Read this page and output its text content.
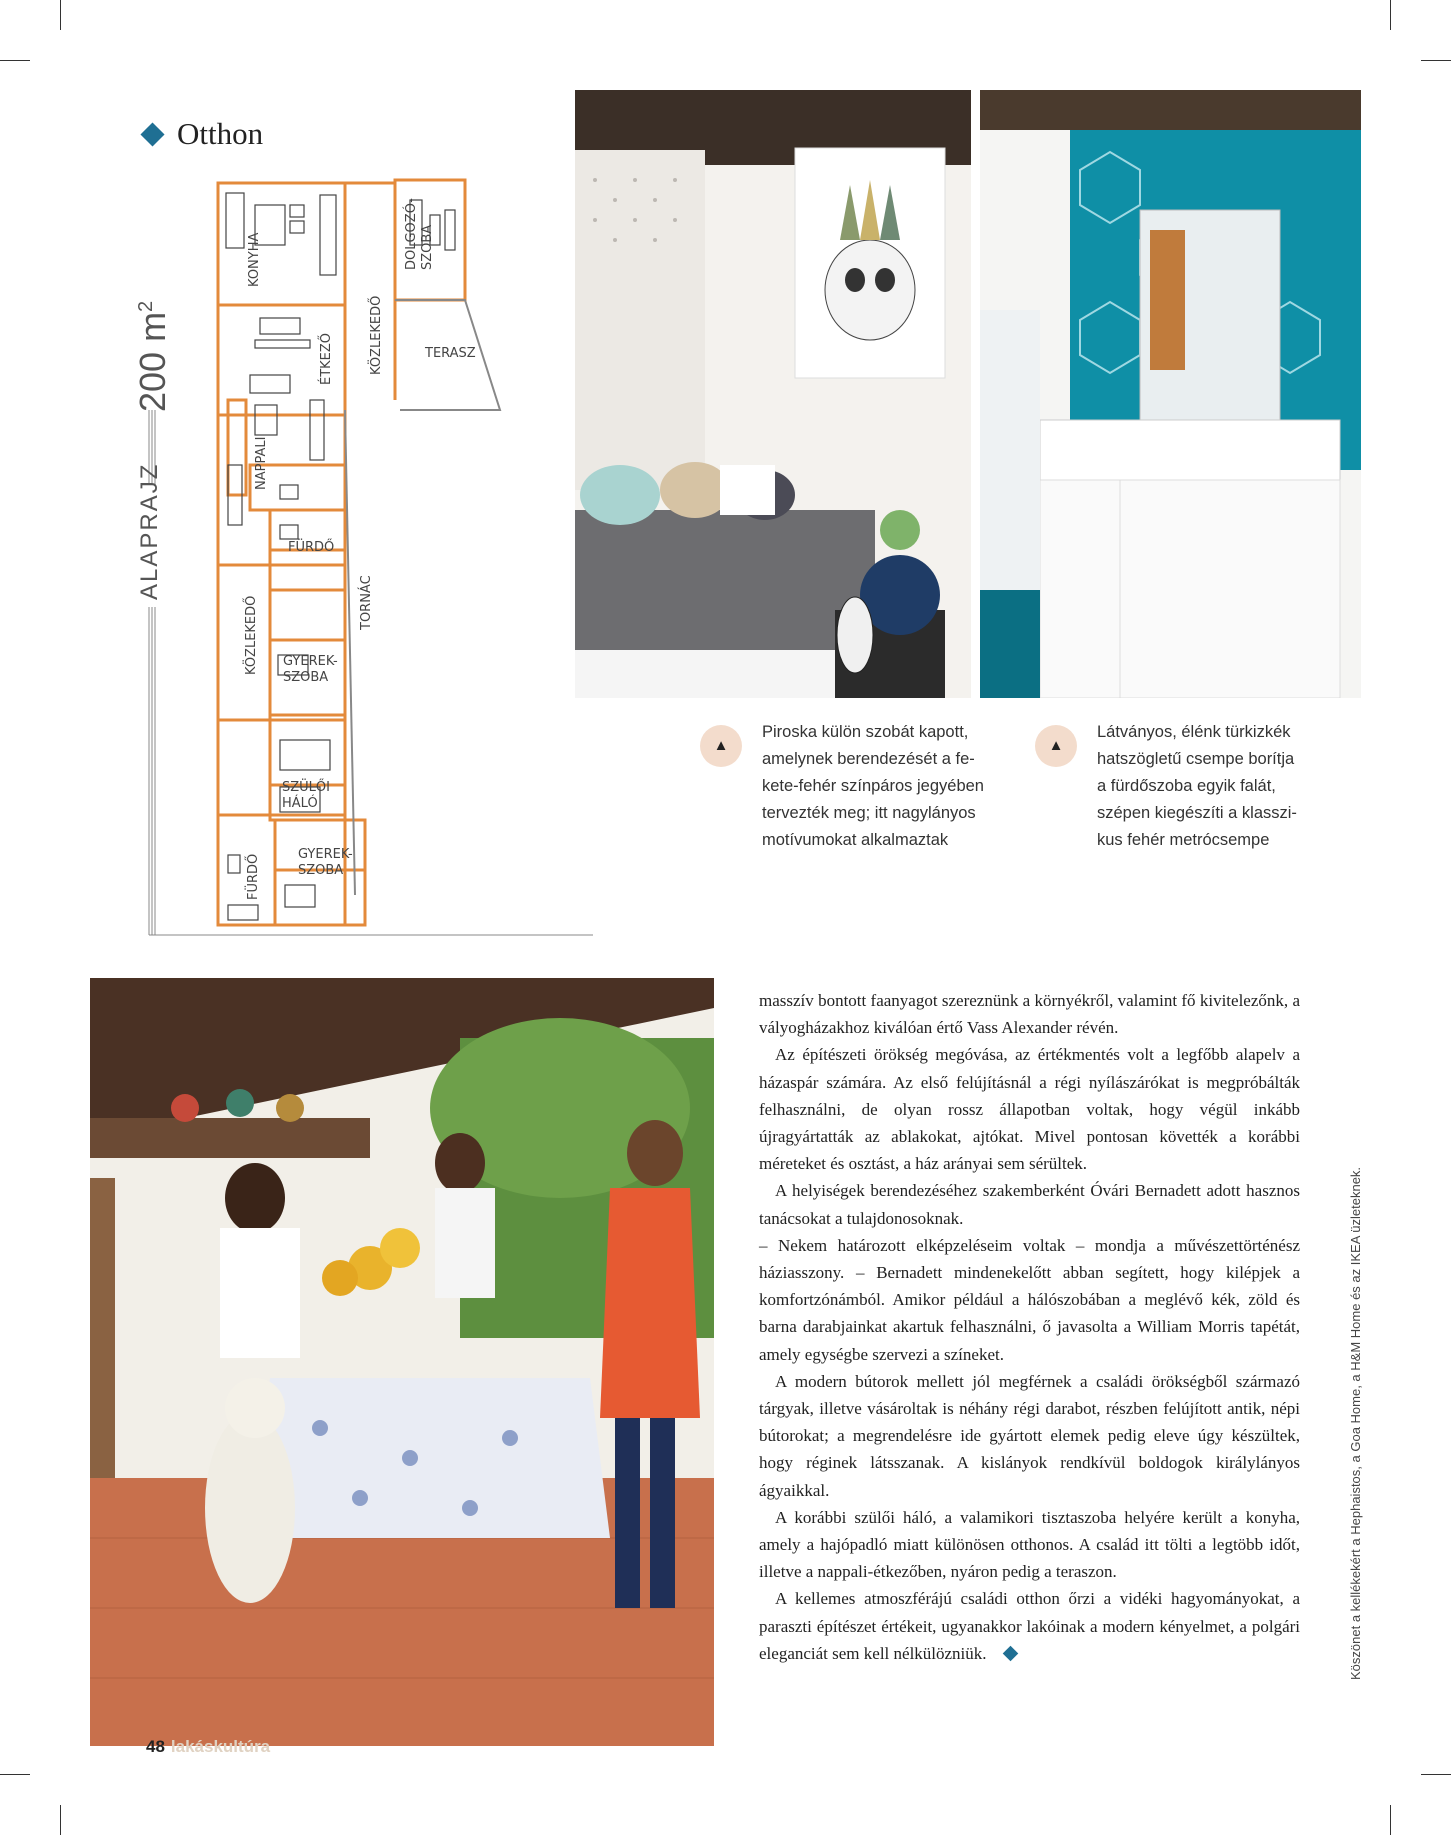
Otthon
KONYHA	DOLGOZÓ- SZOBA
KÖZLEKEDŐ
ÉTKEZŐ	TERASZ
NAPPALI
FÜRDŐ
TORNÁC
KÖZLEKEDŐ GYEREK-
SZOBA
SZÜLŐI
HÁLÓ
GYEREK-
SZOBA
FÜRDŐ
ALAPRAJZ
200 $m^2$
▲
Piroska külön szobát kapott,
amelynek berendezését a fe-
kete-fehér színpáros jegyében
tervezték meg; itt nagylányos
motívumokat alkalmaztak
▲
Látványos, élénk türkizkék
hatszögletű csempe borítja
a fürdőszoba egyik falát,
szépen kiegészíti a klasszi-
kus fehér metrócsempe
48 lakáskultúra

masszív bontott faanyagot szereznünk a környékről, valamint fő kivitelezőnk, a vályogházakhoz kiválóan értő Vass Alexander révén.

Az építészeti örökség megóvása, az értékmentés volt a legfőbb alapelv a házaspár számára. Az első felújításnál a régi nyílászárókat is megpróbálták felhasználni, de olyan rossz állapotban voltak, hogy végül inkább újragyártatták az ablakokat, ajtókat. Mivel pontosan követték a korábbi méreteket és osztást, a ház arányai sem sérültek.

A helyiségek berendezéséhez szakemberként Óvári Bernadett adott hasznos tanácsokat a tulajdonosoknak.

– Nekem határozott elképzeléseim voltak – mondja a művészettörténész háziasszony. – Bernadett mindenekelőtt abban segített, hogy kilépjek a komfortzónámból. Amikor például a hálószobában a meglévő kék, zöld és barna darabjainkat akartuk felhasználni, ő javasolta a William Morris tapétát, amely egységbe szervezi a színeket.

A modern bútorok mellett jól megférnek a családi örökségből származó tárgyak, illetve vásároltak is néhány régi darabot, részben felújított antik, népi bútorokat; a megrendelésre ide gyártott elemek pedig eleve úgy készültek, hogy réginek látsszanak. A kislányok rendkívül boldogok királylányos ágyaikkal.

A korábbi szülői háló, a valamikori tisztaszoba helyére került a konyha, amely a hajópadló miatt különösen otthonos. A család itt tölti a legtöbb időt, illetve a nappali-étkezőben, nyáron pedig a teraszon.

A kellemes atmoszférájú családi otthon őrzi a vidéki hagyományokat, a paraszti építészet értékeit, ugyanakkor lakóinak a modern kényelmet, a polgári eleganciát sem kell nélkülözniük.	Köszönet a kellékekért a Hephaistos, a Goa Home, a H&M Home és az IKEA üzleteknek.
